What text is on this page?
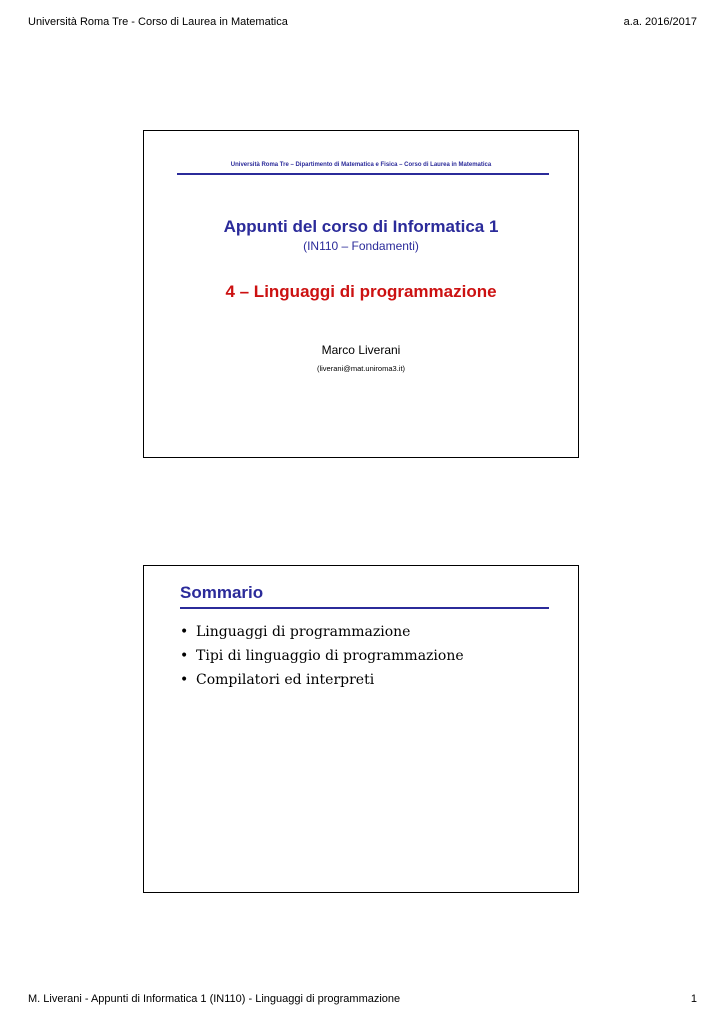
Università Roma Tre - Corso di Laurea in Matematica	a.a. 2016/2017
Università Roma Tre – Dipartimento di Matematica e Fisica – Corso di Laurea in Matematica
Appunti del corso di Informatica 1
(IN110 – Fondamenti)
4 – Linguaggi di programmazione
Marco Liverani
(liverani@mat.uniroma3.it)
Sommario
• Linguaggi di programmazione
• Tipi di linguaggio di programmazione
• Compilatori ed interpreti
M. Liverani - Appunti di Informatica 1 (IN110) - Linguaggi di programmazione	1
